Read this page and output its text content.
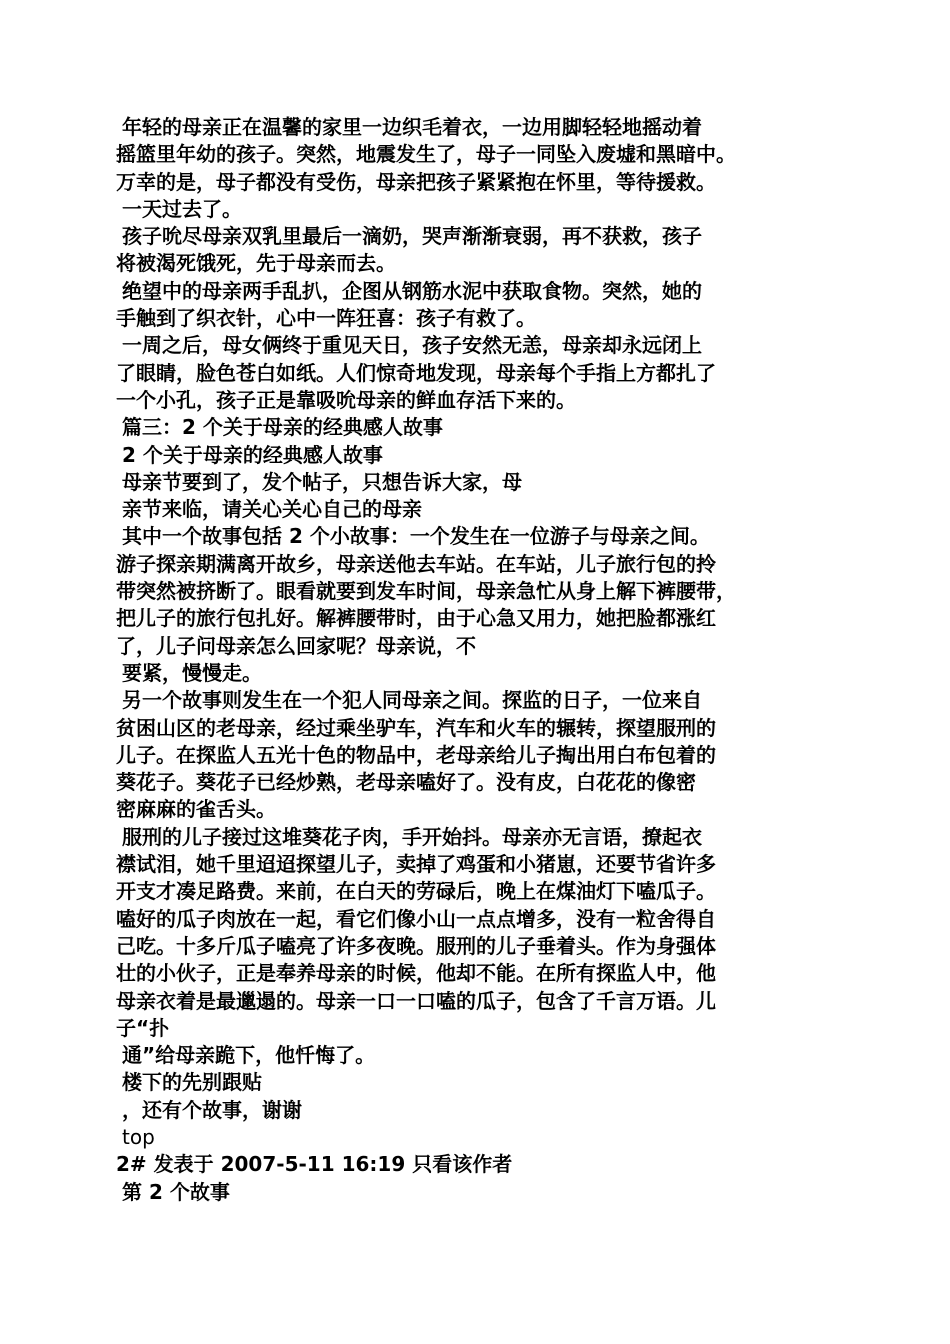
年轻的母亲正在温馨的家里一边织毛着衣，一边用脚轻轻地摇动着
摇篮里年幼的孩子。突然，地震发生了，母子一同坠入废墟和黑暗中。
万幸的是，母子都没有受伤，母亲把孩子紧紧抱在怀里，等待援救。
一天过去了。
孩子吮尽母亲双乳里最后一滴奶，哭声渐渐衰弱，再不获救，孩子
将被渴死饿死，先于母亲而去。
绝望中的母亲两手乱扒，企图从钢筋水泥中获取食物。突然，她的
手触到了织衣针，心中一阵狂喜：孩子有救了。
一周之后，母女俩终于重见天日，孩子安然无恙，母亲却永远闭上
了眼睛，脸色苍白如纸。人们惊奇地发现，母亲每个手指上方都扎了
一个小孔，孩子正是靠吸吮母亲的鲜血存活下来的。
篇三：2 个关于母亲的经典感人故事
2 个关于母亲的经典感人故事
母亲节要到了，发个帖子，只想告诉大家，母
亲节来临，请关心关心自己的母亲
其中一个故事包括 2 个小故事：一个发生在一位游子与母亲之间。
游子探亲期满离开故乡，母亲送他去车站。在车站，儿子旅行包的拎
带突然被挤断了。眼看就要到发车时间，母亲急忙从身上解下裤腰带，
把儿子的旅行包扎好。解裤腰带时，由于心急又用力，她把脸都涨红
了，儿子问母亲怎么回家呢？母亲说，不
要紧，慢慢走。
另一个故事则发生在一个犯人同母亲之间。探监的日子，一位来自
贫困山区的老母亲，经过乘坐驴车，汽车和火车的辗转，探望服刑的
儿子。在探监人五光十色的物品中，老母亲给儿子掏出用白布包着的
葵花子。葵花子已经炒熟，老母亲嗑好了。没有皮，白花花的像密
密麻麻的雀舌头。
服刑的儿子接过这堆葵花子肉，手开始抖。母亲亦无言语，撩起衣
襟试泪，她千里迢迢探望儿子，卖掉了鸡蛋和小猪崽，还要节省许多
开支才凑足路费。来前，在白天的劳碌后，晚上在煤油灯下嗑瓜子。
嗑好的瓜子肉放在一起，看它们像小山一点点增多，没有一粒舍得自
己吃。十多斤瓜子嗑亮了许多夜晚。服刑的儿子垂着头。作为身强体
壮的小伙子，正是奉养母亲的时候，他却不能。在所有探监人中，他
母亲衣着是最邋遢的。母亲一口一口嗑的瓜子，包含了千言万语。儿
子“扑
通”给母亲跪下，他忏悔了。
楼下的先别跟贴
，还有个故事，谢谢
top
2# 发表于 2007-5-11 16:19 只看该作者
第 2 个故事
